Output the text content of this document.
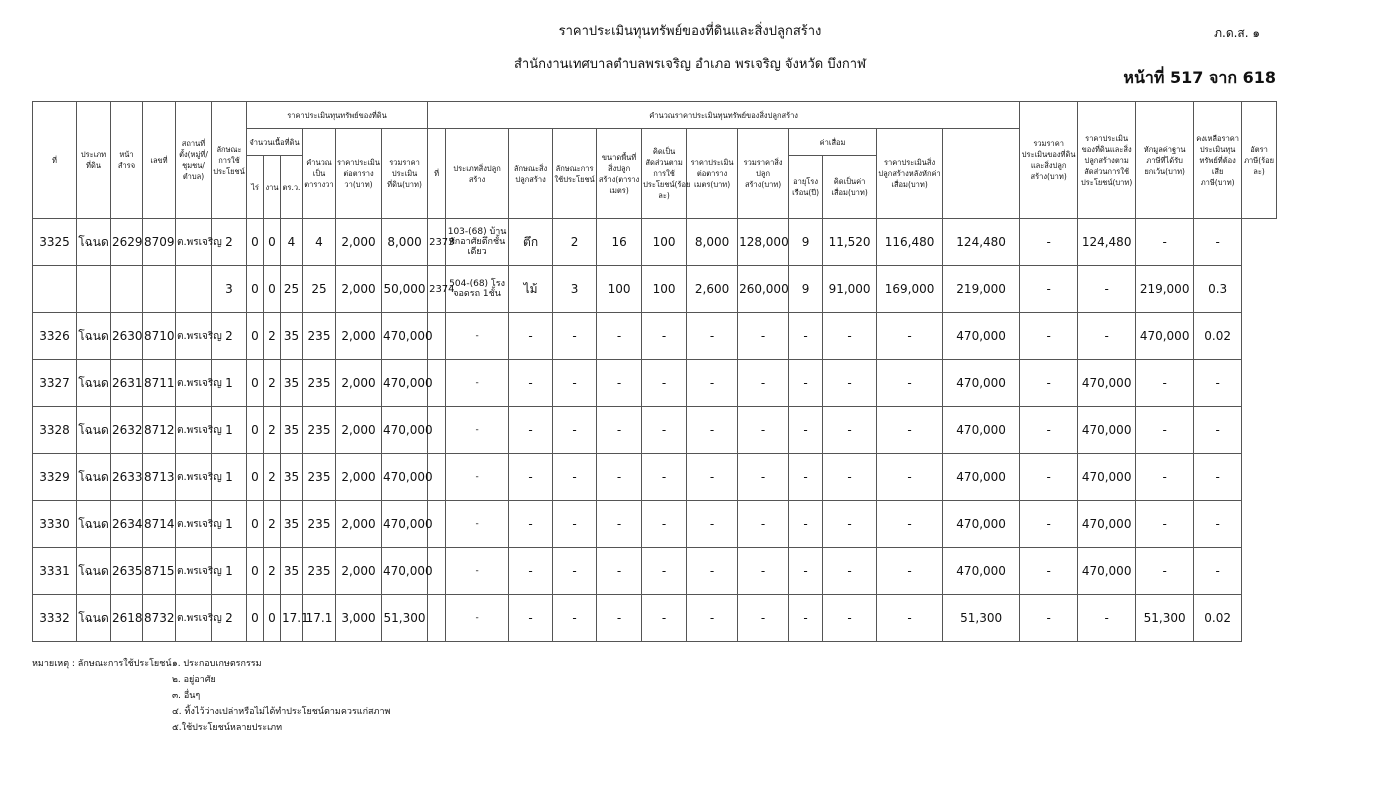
ราคาประเมินทุนทรัพย์ของที่ดินและสิ่งปลูกสร้าง
สำนักงานเทศบาลตำบลพรเจริญ อำเภอ พรเจริญ จังหวัด บึงกาฬ
ภ.ด.ส. ๑
หน้าที่ 517 จาก 618
ที่	ประเภทที่ดิน	หน้าสำรจ	เลขที่	สถานที่ตั้ง(หมู่ที่/ชุมชน/ตำบล)	ลักษณะการใช้ประโยชน์	ราคาประเมินทุนทรัพย์ของที่ดิน						คำนวณราคาประเมินทุนทรัพย์ของสิ่งปลูกสร้าง												รวมราคาประเมินของที่ดินและสิ่งปลูกสร้าง(บาท)	ราคาประเมินของที่ดินและสิ่งปลูกสร้างตามสัดส่วนการใช้ประโยชน์(บาท)	หักมูลค่าฐานภาษีที่ได้รับยกเว้น(บาท)	คงเหลือราคาประเมินทุนทรัพย์ที่ต้องเสียภาษี(บาท)	อัตราภาษี(ร้อยละ)
						จำนวนเนื้อที่ดิน			คำนวณเป็นตารางวา	ราคาประเมินต่อตารางวา(บาท)	รวมราคาประเมินที่ดิน(บาท)	ที่	ประเภทสิ่งปลูกสร้าง	ลักษณะสิ่งปลูกสร้าง	ลักษณะการใช้ประโยชน์	ขนาดพื้นที่สิ่งปลูกสร้าง(ตารางเมตร)	คิดเป็นสัดส่วนตามการใช้ประโยชน์(ร้อยละ)	ราคาประเมินต่อตารางเมตร(บาท)	รวมราคาสิ่งปลูกสร้าง(บาท)	ค่าเสื่อม		ราคาประเมินสิ่งปลูกสร้างหลังหักค่าเสื่อม(บาท)						
						ไร่	งาน	ตร.ว.												อายุโรงเรือน(ปี)	คิดเป็นค่าเสื่อม(บาท)							
3325	โฉนด	2629	8709	ต.พรเจริญ	2	0	0	4	4	2,000	8,000	2373	103-(68) บ้านพักอาศัยตึกชั้นเดียว	ตึก	2	16	100	8,000	128,000	9	11,520	116,480	124,480	-	124,480	-	-	
					3	0	0	25	25	2,000	50,000	2374	504-(68) โรงจอดรถ 1ชั้น	ไม้	3	100	100	2,600	260,000	9	91,000	169,000	219,000	-	-	219,000	0.3	
3326	โฉนด	2630	8710	ต.พรเจริญ	2	0	2	35	235	2,000	470,000		-	-	-	-	-	-	-	-	-	-	470,000	-	-	470,000	0.02	
3327	โฉนด	2631	8711	ต.พรเจริญ	1	0	2	35	235	2,000	470,000		-	-	-	-	-	-	-	-	-	-	470,000	-	470,000	-	-	
3328	โฉนด	2632	8712	ต.พรเจริญ	1	0	2	35	235	2,000	470,000		-	-	-	-	-	-	-	-	-	-	470,000	-	470,000	-	-	
3329	โฉนด	2633	8713	ต.พรเจริญ	1	0	2	35	235	2,000	470,000		-	-	-	-	-	-	-	-	-	-	470,000	-	470,000	-	-	
3330	โฉนด	2634	8714	ต.พรเจริญ	1	0	2	35	235	2,000	470,000		-	-	-	-	-	-	-	-	-	-	470,000	-	470,000	-	-	
3331	โฉนด	2635	8715	ต.พรเจริญ	1	0	2	35	235	2,000	470,000		-	-	-	-	-	-	-	-	-	-	470,000	-	470,000	-	-	
3332	โฉนด	2618	8732	ต.พรเจริญ	2	0	0	17.1	17.1	3,000	51,300		-	-	-	-	-	-	-	-	-	-	51,300	-	-	51,300	0.02	
หมายเหตุ : ลักษณะการใช้ประโยชน์๑. ประกอบเกษตรกรรม
๒. อยู่อาศัย
๓. อื่นๆ
๔. ทิ้งไว้ว่างเปล่าหรือไม่ได้ทำประโยชน์ตามควรแก่สภาพ
๕.ใช้ประโยชน์หลายประเภท
